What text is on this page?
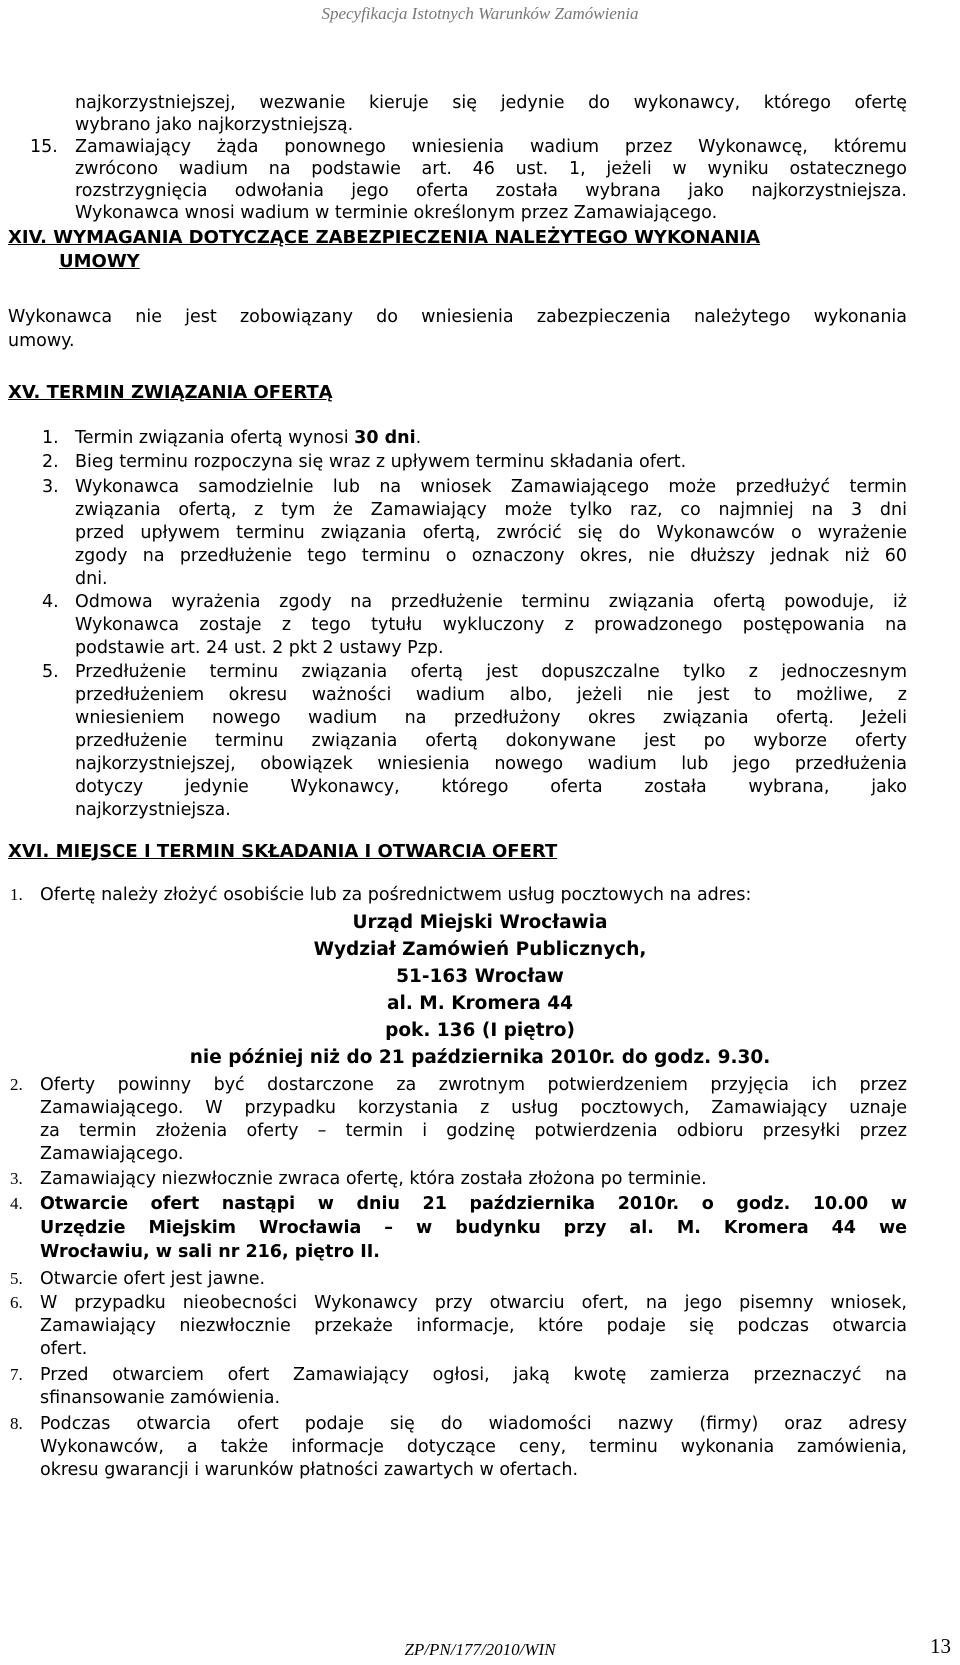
Specyfikacja Istotnych Warunków Zamówienia
najkorzystniejszej, wezwanie kieruje się jedynie do wykonawcy, którego ofertę
wybrano jako najkorzystniejszą.
15. Zamawiający żąda ponownego wniesienia wadium przez Wykonawcę, któremu
zwrócono wadium na podstawie art. 46 ust. 1, jeżeli w wyniku ostatecznego
rozstrzygnięcia odwołania jego oferta została wybrana jako najkorzystniejsza.
Wykonawca wnosi wadium w terminie określonym przez Zamawiającego.
XIV. WYMAGANIA DOTYCZĄCE ZABEZPIECZENIA NALEŻYTEGO WYKONANIA
UMOWY
Wykonawca nie jest zobowiązany do wniesienia zabezpieczenia należytego wykonania
umowy.
XV. TERMIN ZWIĄZANIA OFERTĄ
1. Termin związania ofertą wynosi 30 dni.
2. Bieg terminu rozpoczyna się wraz z upływem terminu składania ofert.
3. Wykonawca samodzielnie lub na wniosek Zamawiającego może przedłużyć termin
związania ofertą, z tym że Zamawiający może tylko raz, co najmniej na 3 dni
przed upływem terminu związania ofertą, zwrócić się do Wykonawców o wyrażenie
zgody na przedłużenie tego terminu o oznaczony okres, nie dłuższy jednak niż 60
dni.
4. Odmowa wyrażenia zgody na przedłużenie terminu związania ofertą powoduje, iż
Wykonawca zostaje z tego tytułu wykluczony z prowadzonego postępowania na
podstawie art. 24 ust. 2 pkt 2 ustawy Pzp.
5. Przedłużenie terminu związania ofertą jest dopuszczalne tylko z jednoczesnym
przedłużeniem okresu ważności wadium albo, jeżeli nie jest to możliwe, z
wniesieniem nowego wadium na przedłużony okres związania ofertą. Jeżeli
przedłużenie terminu związania ofertą dokonywane jest po wyborze oferty
najkorzystniejszej, obowiązek wniesienia nowego wadium lub jego przedłużenia
dotyczy jedynie Wykonawcy, którego oferta została wybrana, jako
najkorzystniejsza.
XVI. MIEJSCE I TERMIN SKŁADANIA I OTWARCIA OFERT
1. Ofertę należy złożyć osobiście lub za pośrednictwem usług pocztowych na adres:
Urząd Miejski Wrocławia
Wydział Zamówień Publicznych,
51-163 Wrocław
al. M. Kromera 44
pok. 136 (I piętro)
nie później niż do 21 października 2010r. do godz. 9.30.
2. Oferty powinny być dostarczone za zwrotnym potwierdzeniem przyjęcia ich przez
Zamawiającego. W przypadku korzystania z usług pocztowych, Zamawiający uznaje
za termin złożenia oferty – termin i godzinę potwierdzenia odbioru przesyłki przez
Zamawiającego.
3. Zamawiający niezwłocznie zwraca ofertę, która została złożona po terminie.
4. Otwarcie ofert nastąpi w dniu 21 października 2010r. o godz. 10.00 w
Urzędzie Miejskim Wrocławia – w budynku przy al. M. Kromera 44 we
Wrocławiu, w sali nr 216, piętro II.
5. Otwarcie ofert jest jawne.
6. W przypadku nieobecności Wykonawcy przy otwarciu ofert, na jego pisemny wniosek,
Zamawiający niezwłocznie przekaże informacje, które podaje się podczas otwarcia
ofert.
7. Przed otwarciem ofert Zamawiający ogłosi, jaką kwotę zamierza przeznaczyć na
sfinansowanie zamówienia.
8. Podczas otwarcia ofert podaje się do wiadomości nazwy (firmy) oraz adresy
Wykonawców, a także informacje dotyczące ceny, terminu wykonania zamówienia,
okresu gwarancji i warunków płatności zawartych w ofertach.
ZP/PN/177/2010/WIN	13
